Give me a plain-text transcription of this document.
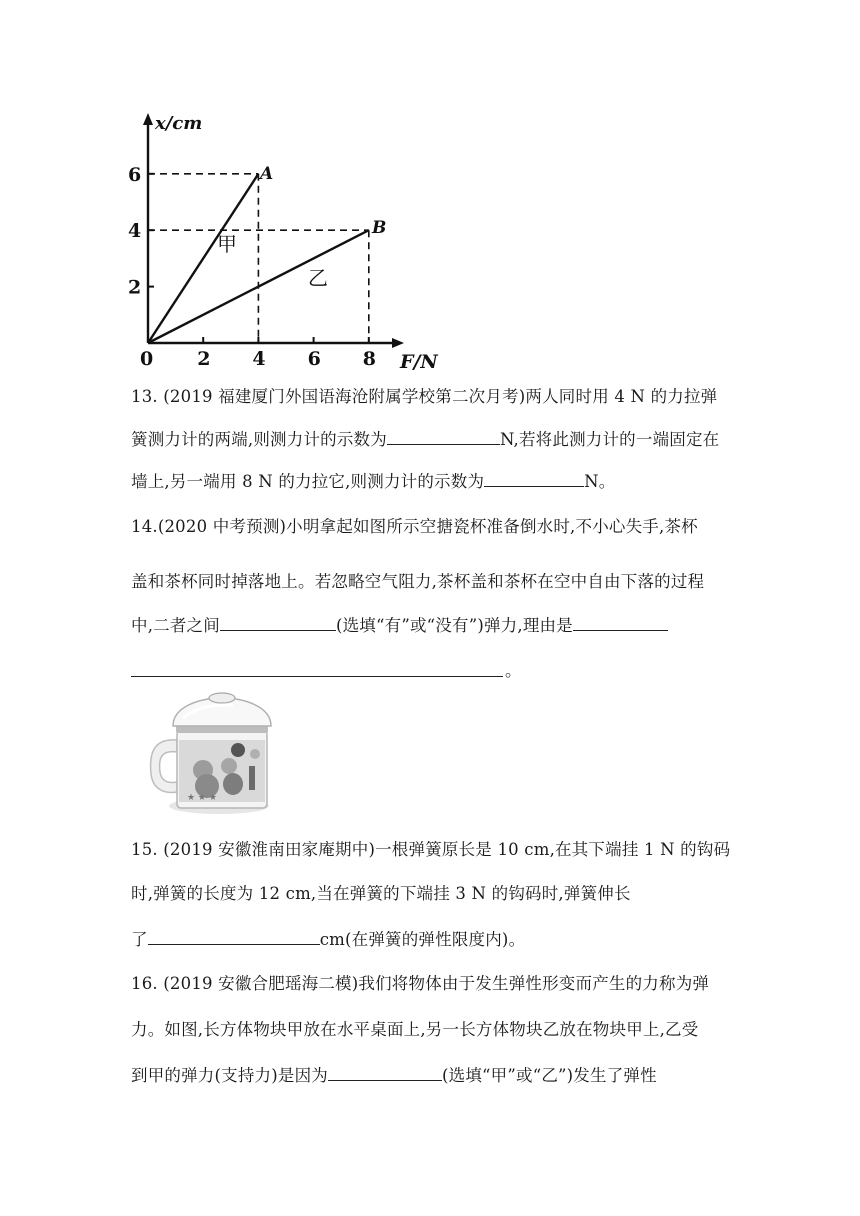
x/cm
F/N
0
A
B
甲
乙
2 4 6 8
2
4
6
13. (2019 福建厦门外国语海沧附属学校第二次月考)两人同时用 4 N 的力拉弹
簧测力计的两端,则测力计的示数为	N,若将此测力计的一端固定在
墙上,另一端用 8 N 的力拉它,则测力计的示数为	N。
14.(2020 中考预测)小明拿起如图所示空搪瓷杯准备倒水时,不小心失手,茶杯
盖和茶杯同时掉落地上。若忽略空气阻力,茶杯盖和茶杯在空中自由下落的过程
中,二者之间	(选填“有”或“没有”)弹力,理由是
。
★ ★ ★
15. (2019 安徽淮南田家庵期中)一根弹簧原长是 10 cm,在其下端挂 1 N 的钩码
时,弹簧的长度为 12 cm,当在弹簧的下端挂 3 N 的钩码时,弹簧伸长
了	cm(在弹簧的弹性限度内)。
16. (2019 安徽合肥瑶海二模)我们将物体由于发生弹性形变而产生的力称为弹
力。如图,长方体物块甲放在水平桌面上,另一长方体物块乙放在物块甲上,乙受
到甲的弹力(支持力)是因为	(选填“甲”或“乙”)发生了弹性
